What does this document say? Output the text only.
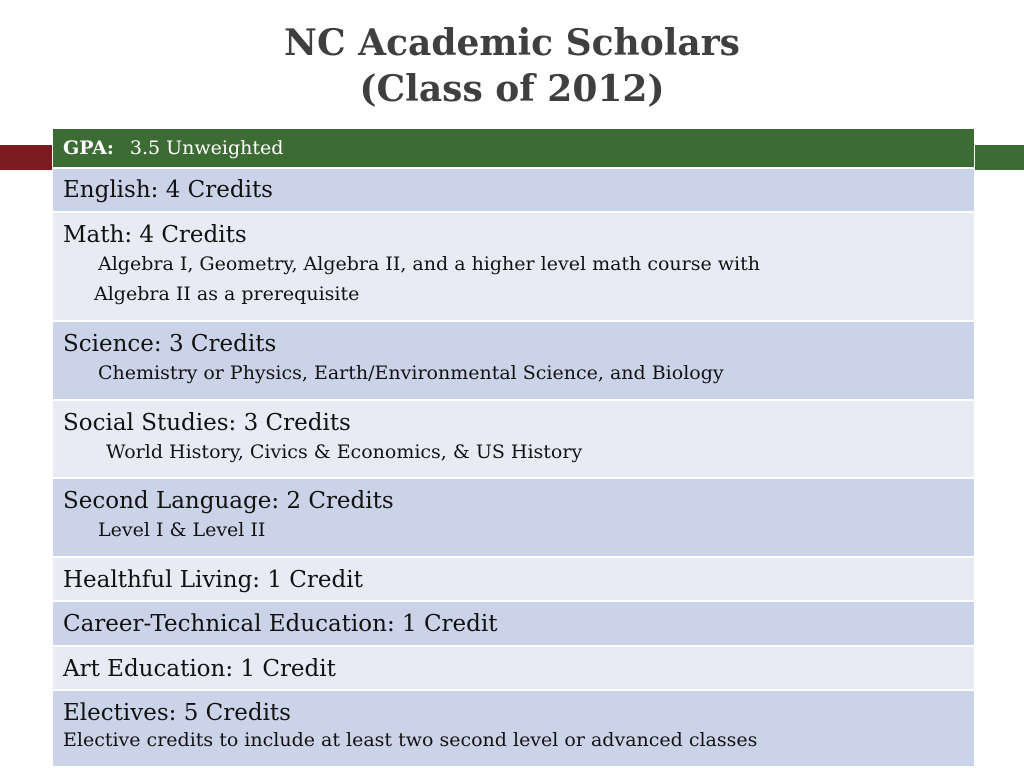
NC Academic Scholars
(Class of 2012)
GPA: 3.5 Unweighted
English: 4 Credits
Math: 4 Credits
Algebra I, Geometry, Algebra II, and a higher level math course with
Algebra II as a prerequisite
Science: 3 Credits
Chemistry or Physics, Earth/Environmental Science, and Biology
Social Studies: 3 Credits
World History, Civics & Economics, & US History
Second Language: 2 Credits
Level I & Level II
Healthful Living: 1 Credit
Career-Technical Education: 1 Credit
Art Education: 1 Credit
Electives: 5 Credits
Elective credits to include at least two second level or advanced classes
